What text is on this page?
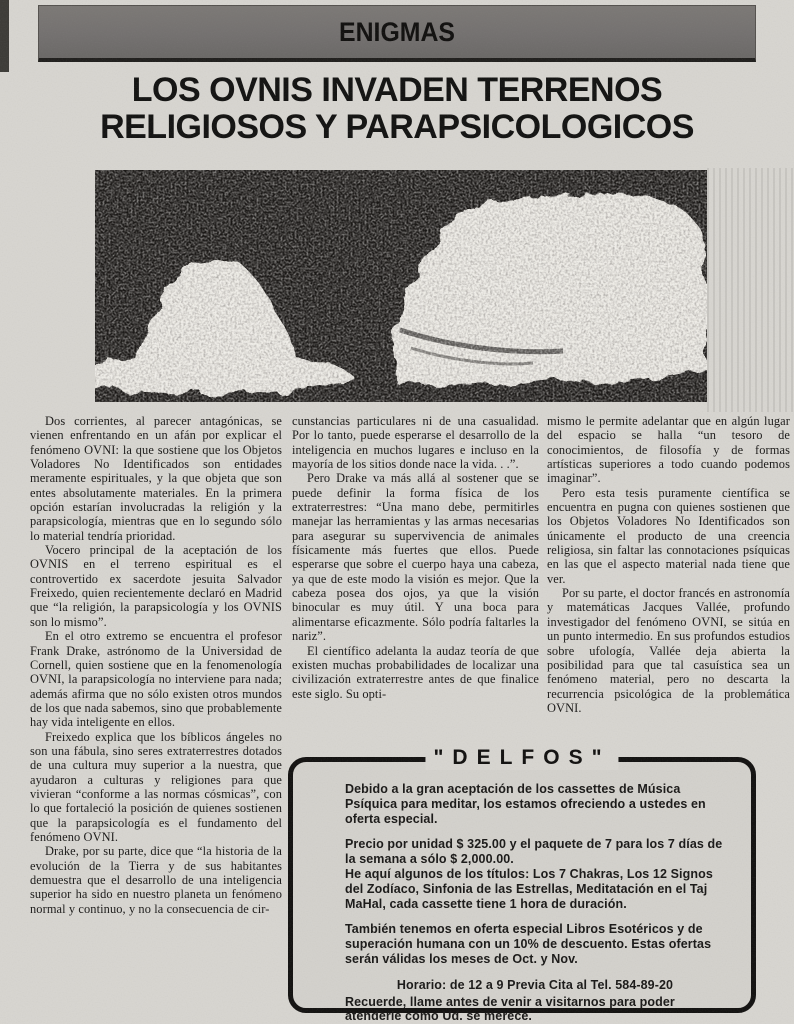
ENIGMAS
LOS OVNIS INVADEN TERRENOS
RELIGIOSOS Y PARAPSICOLOGICOS

Dos corrientes, al parecer antagónicas, se vienen enfrentando en un afán por explicar el fenómeno OVNI: la que sostiene que los Objetos Voladores No Identificados son entidades meramente espirituales, y la que objeta que son entes absolutamente materiales. En la primera opción estarían involucradas la religión y la parapsicología, mientras que en lo segundo sólo lo material tendría prioridad.

Vocero principal de la aceptación de los OVNIS en el terreno espiritual es el controvertido ex sacerdote jesuita Salvador Freixedo, quien recientemente declaró en Madrid que “la religión, la parapsicología y los OVNIS son lo mismo”.

En el otro extremo se encuentra el profesor Frank Drake, astrónomo de la Universidad de Cornell, quien sostiene que en la fenomenología OVNI, la parapsicología no interviene para nada; además afirma que no sólo existen otros mundos de los que nada sabemos, sino que probablemente hay vida inteligente en ellos.

Freixedo explica que los bíblicos ángeles no son una fábula, sino seres extraterrestres dotados de una cultura muy superior a la nuestra, que ayudaron a culturas y religiones para que vivieran “conforme a las normas cósmicas”, con lo que fortaleció la posición de quienes sostienen que la parapsicología es el fundamento del fenómeno OVNI.

Drake, por su parte, dice que “la historia de la evolución de la Tierra y de sus habitantes demuestra que el desarrollo de una inteligencia superior ha sido en nuestro planeta un fenómeno normal y continuo, y no la consecuencia de cir-

cunstancias particulares ni de una casualidad. Por lo tanto, puede esperarse el desarrollo de la inteligencia en muchos lugares e incluso en la mayoría de los sitios donde nace la vida. . .”.

Pero Drake va más allá al sostener que se puede definir la forma física de los extraterrestres: “Una mano debe, permitirles manejar las herramientas y las armas necesarias para asegurar su supervivencia de animales físicamente más fuertes que ellos. Puede esperarse que sobre el cuerpo haya una cabeza, ya que de este modo la visión es mejor. Que la cabeza posea dos ojos, ya que la visión binocular es muy útil. Y una boca para alimentarse eficazmente. Sólo podría faltarles la nariz”.

El científico adelanta la audaz teoría de que existen muchas probabilidades de localizar una civilización extraterrestre antes de que finalice este siglo. Su opti-

mismo le permite adelantar que en algún lugar del espacio se halla “un tesoro de conocimientos, de filosofía y de formas artísticas superiores a todo cuando podemos imaginar”.

Pero esta tesis puramente científica se encuentra en pugna con quienes sostienen que los Objetos Voladores No Identificados son únicamente el producto de una creencia religiosa, sin faltar las connotaciones psíquicas en las que el aspecto material nada tiene que ver.

Por su parte, el doctor francés en astronomía y matemáticas Jacques Vallée, profundo investigador del fenómeno OVNI, se sitúa en un punto intermedio. En sus profundos estudios sobre ufología, Vallée deja abierta la posibilidad para que tal casuística sea un fenómeno material, pero no descarta la recurrencia psicológica de la problemática OVNI.

"DELFOS"

Debido a la gran aceptación de los cassettes de Música Psíquica para meditar, los estamos ofreciendo a ustedes en oferta especial.

Precio por unidad $ 325.00 y el paquete de 7 para los 7 días de la semana a sólo $ 2,000.00.

He aquí algunos de los títulos: Los 7 Chakras, Los 12 Signos del Zodíaco, Sinfonia de las Estrellas, Meditatación en el Taj MaHal, cada cassette tiene 1 hora de duración.

También tenemos en oferta especial Libros Esotéricos y de superación humana con un 10% de descuento. Estas ofertas serán válidas los meses de Oct. y Nov.

Horario: de 12 a 9 Previa Cita al Tel. 584-89-20

Recuerde, llame antes de venir a visitarnos para poder atenderle como Ud. se merece.
